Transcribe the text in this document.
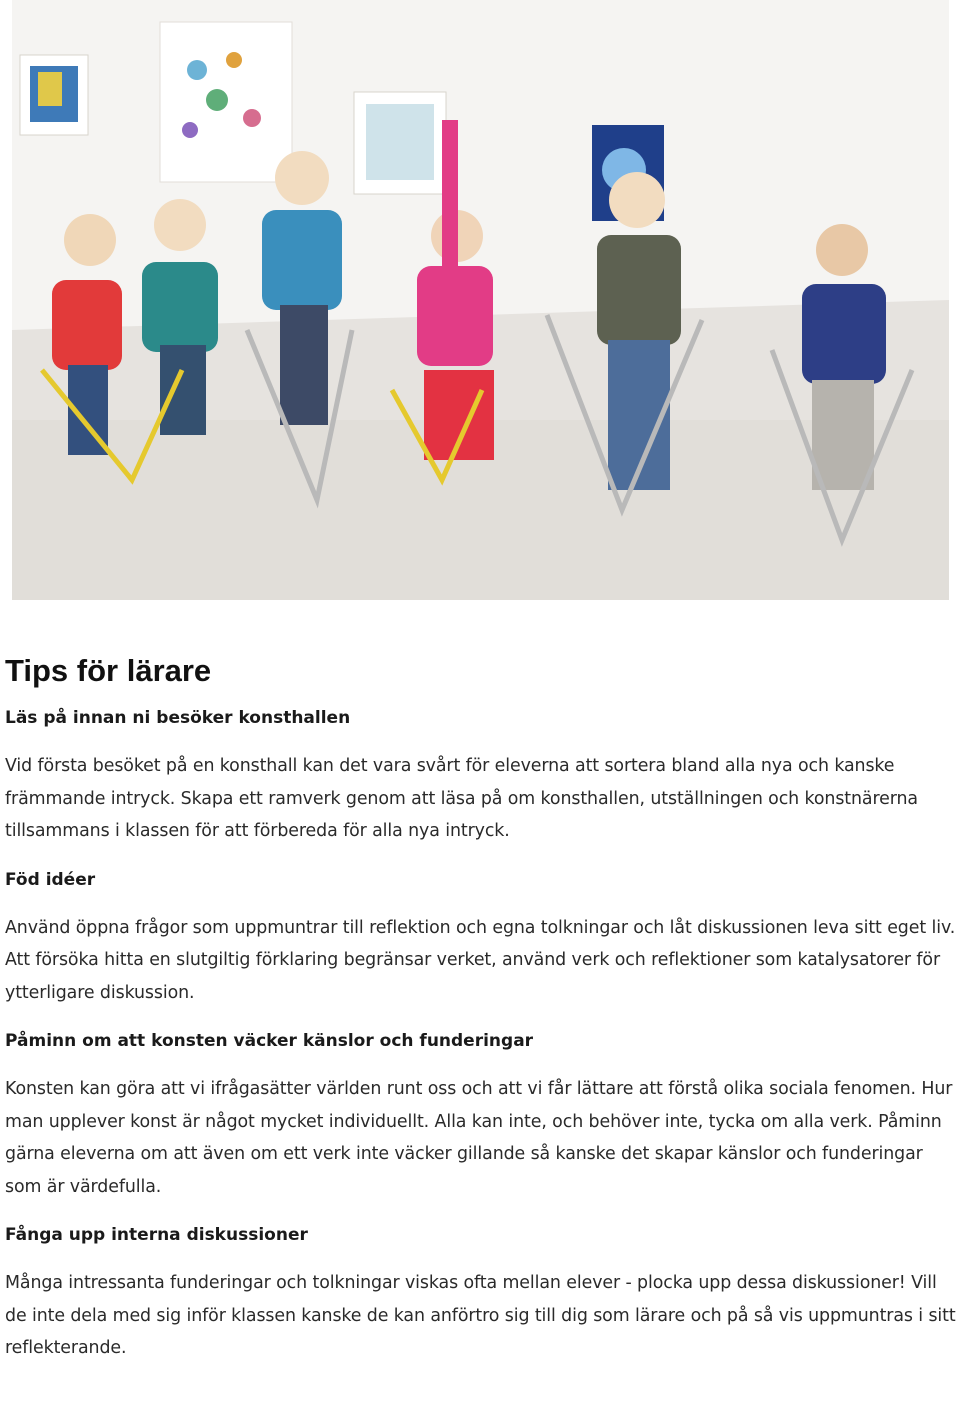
Tips för lärare
Läs på innan ni besöker konsthallen

Vid första besöket på en konsthall kan det vara svårt för eleverna att sortera bland alla nya och kanske främmande intryck. Skapa ett ramverk genom att läsa på om konsthallen, utställningen och konstnärerna tillsammans i klassen för att förbereda för alla nya intryck.

Föd idéer

Använd öppna frågor som uppmuntrar till reflektion och egna tolkningar och låt diskussionen leva sitt eget liv. Att försöka hitta en slutgiltig förklaring begränsar verket, använd verk och reflektioner som katalysatorer för ytterligare diskussion.

Påminn om att konsten väcker känslor och funderingar

Konsten kan göra att vi ifrågasätter världen runt oss och att vi får lättare att förstå olika sociala fenomen. Hur man upplever konst är något mycket individuellt. Alla kan inte, och behöver inte, tycka om alla verk. Påminn gärna eleverna om att även om ett verk inte väcker gillande så kanske det skapar känslor och funderingar som är värdefulla.

Fånga upp interna diskussioner

Många intressanta funderingar och tolkningar viskas ofta mellan elever - plocka upp dessa diskussioner! Vill de inte dela med sig inför klassen kanske de kan anförtro sig till dig som lärare och på så vis uppmuntras i sitt reflekterande.
